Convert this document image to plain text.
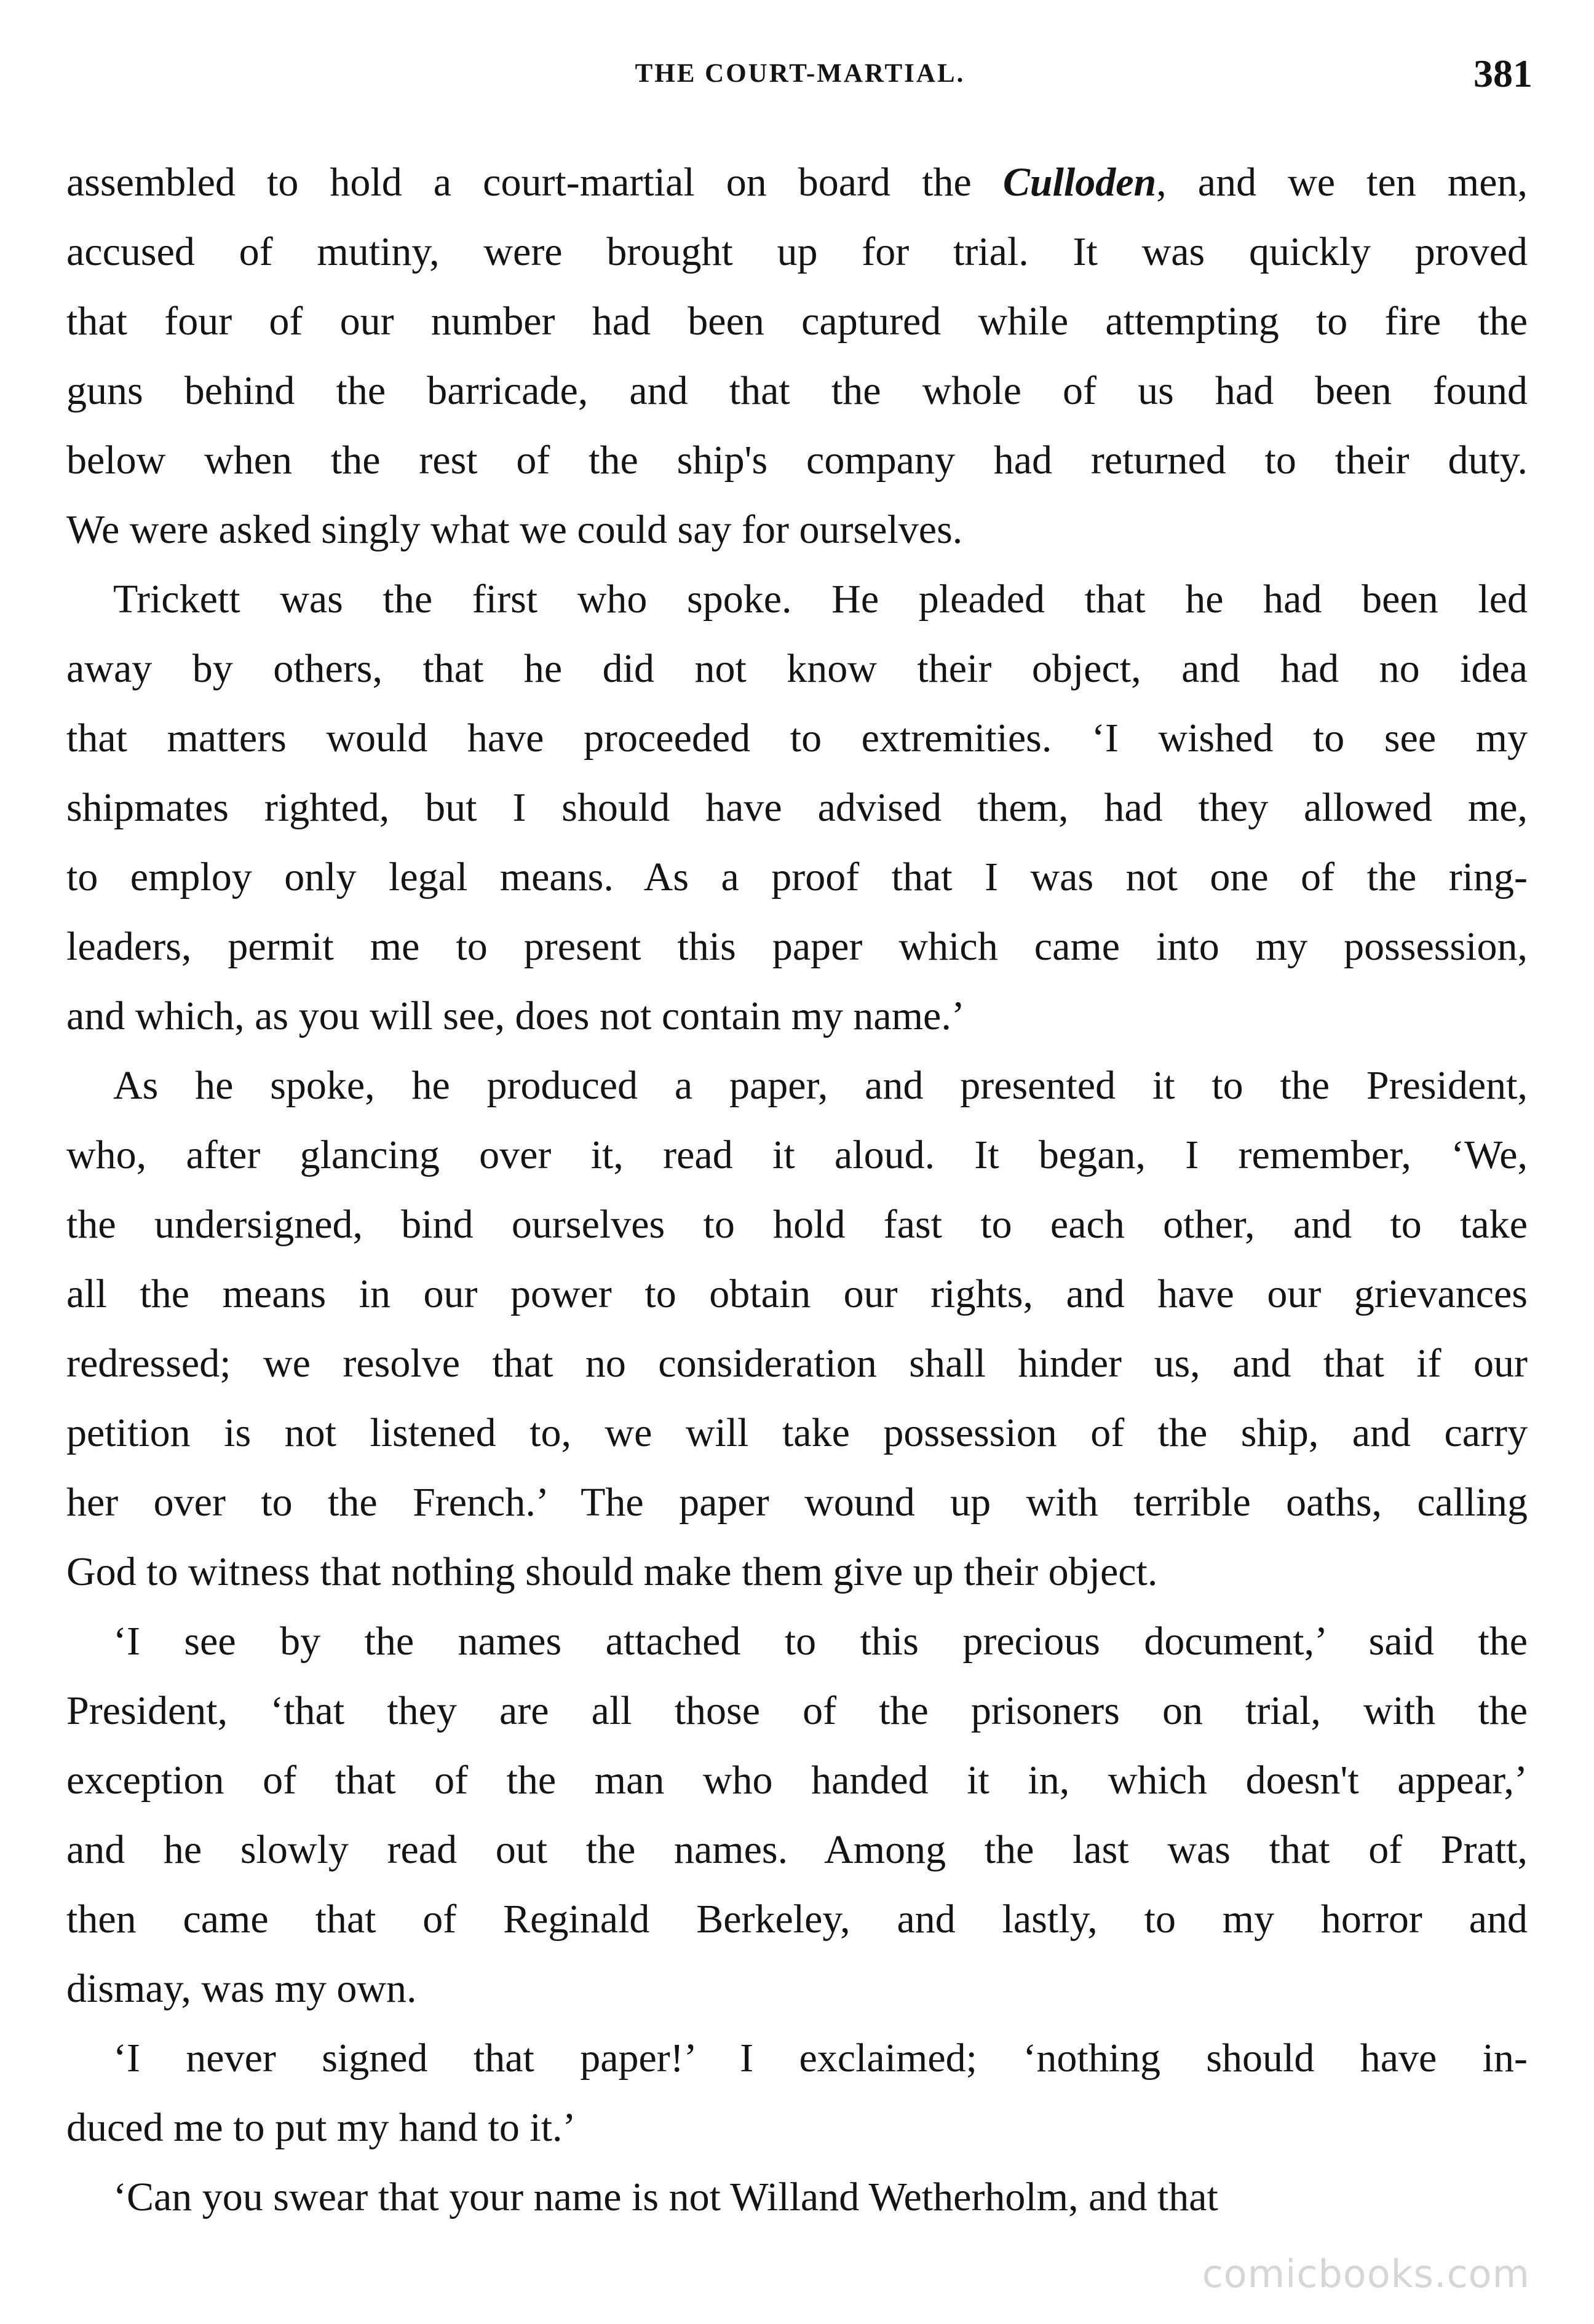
THE COURT-MARTIAL.	381
assembled to hold a court-martial on board the Culloden, and we ten men,
accused of mutiny, were brought up for trial. It was quickly proved
that four of our number had been captured while attempting to fire the
guns behind the barricade, and that the whole of us had been found
below when the rest of the ship's company had returned to their duty.
We were asked singly what we could say for ourselves.
Trickett was the first who spoke. He pleaded that he had been led
away by others, that he did not know their object, and had no idea
that matters would have proceeded to extremities. ‘I wished to see my
shipmates righted, but I should have advised them, had they allowed me,
to employ only legal means. As a proof that I was not one of the ring-
leaders, permit me to present this paper which came into my possession,
and which, as you will see, does not contain my name.’
As he spoke, he produced a paper, and presented it to the President,
who, after glancing over it, read it aloud. It began, I remember, ‘We,
the undersigned, bind ourselves to hold fast to each other, and to take
all the means in our power to obtain our rights, and have our grievances
redressed; we resolve that no consideration shall hinder us, and that if our
petition is not listened to, we will take possession of the ship, and carry
her over to the French.’ The paper wound up with terrible oaths, calling
God to witness that nothing should make them give up their object.
‘I see by the names attached to this precious document,’ said the
President, ‘that they are all those of the prisoners on trial, with the
exception of that of the man who handed it in, which doesn't appear,’
and he slowly read out the names. Among the last was that of Pratt,
then came that of Reginald Berkeley, and lastly, to my horror and
dismay, was my own.
‘I never signed that paper!’ I exclaimed; ‘nothing should have in-
duced me to put my hand to it.’
‘Can you swear that your name is not Willand Wetherholm, and that
comicbooks.com
